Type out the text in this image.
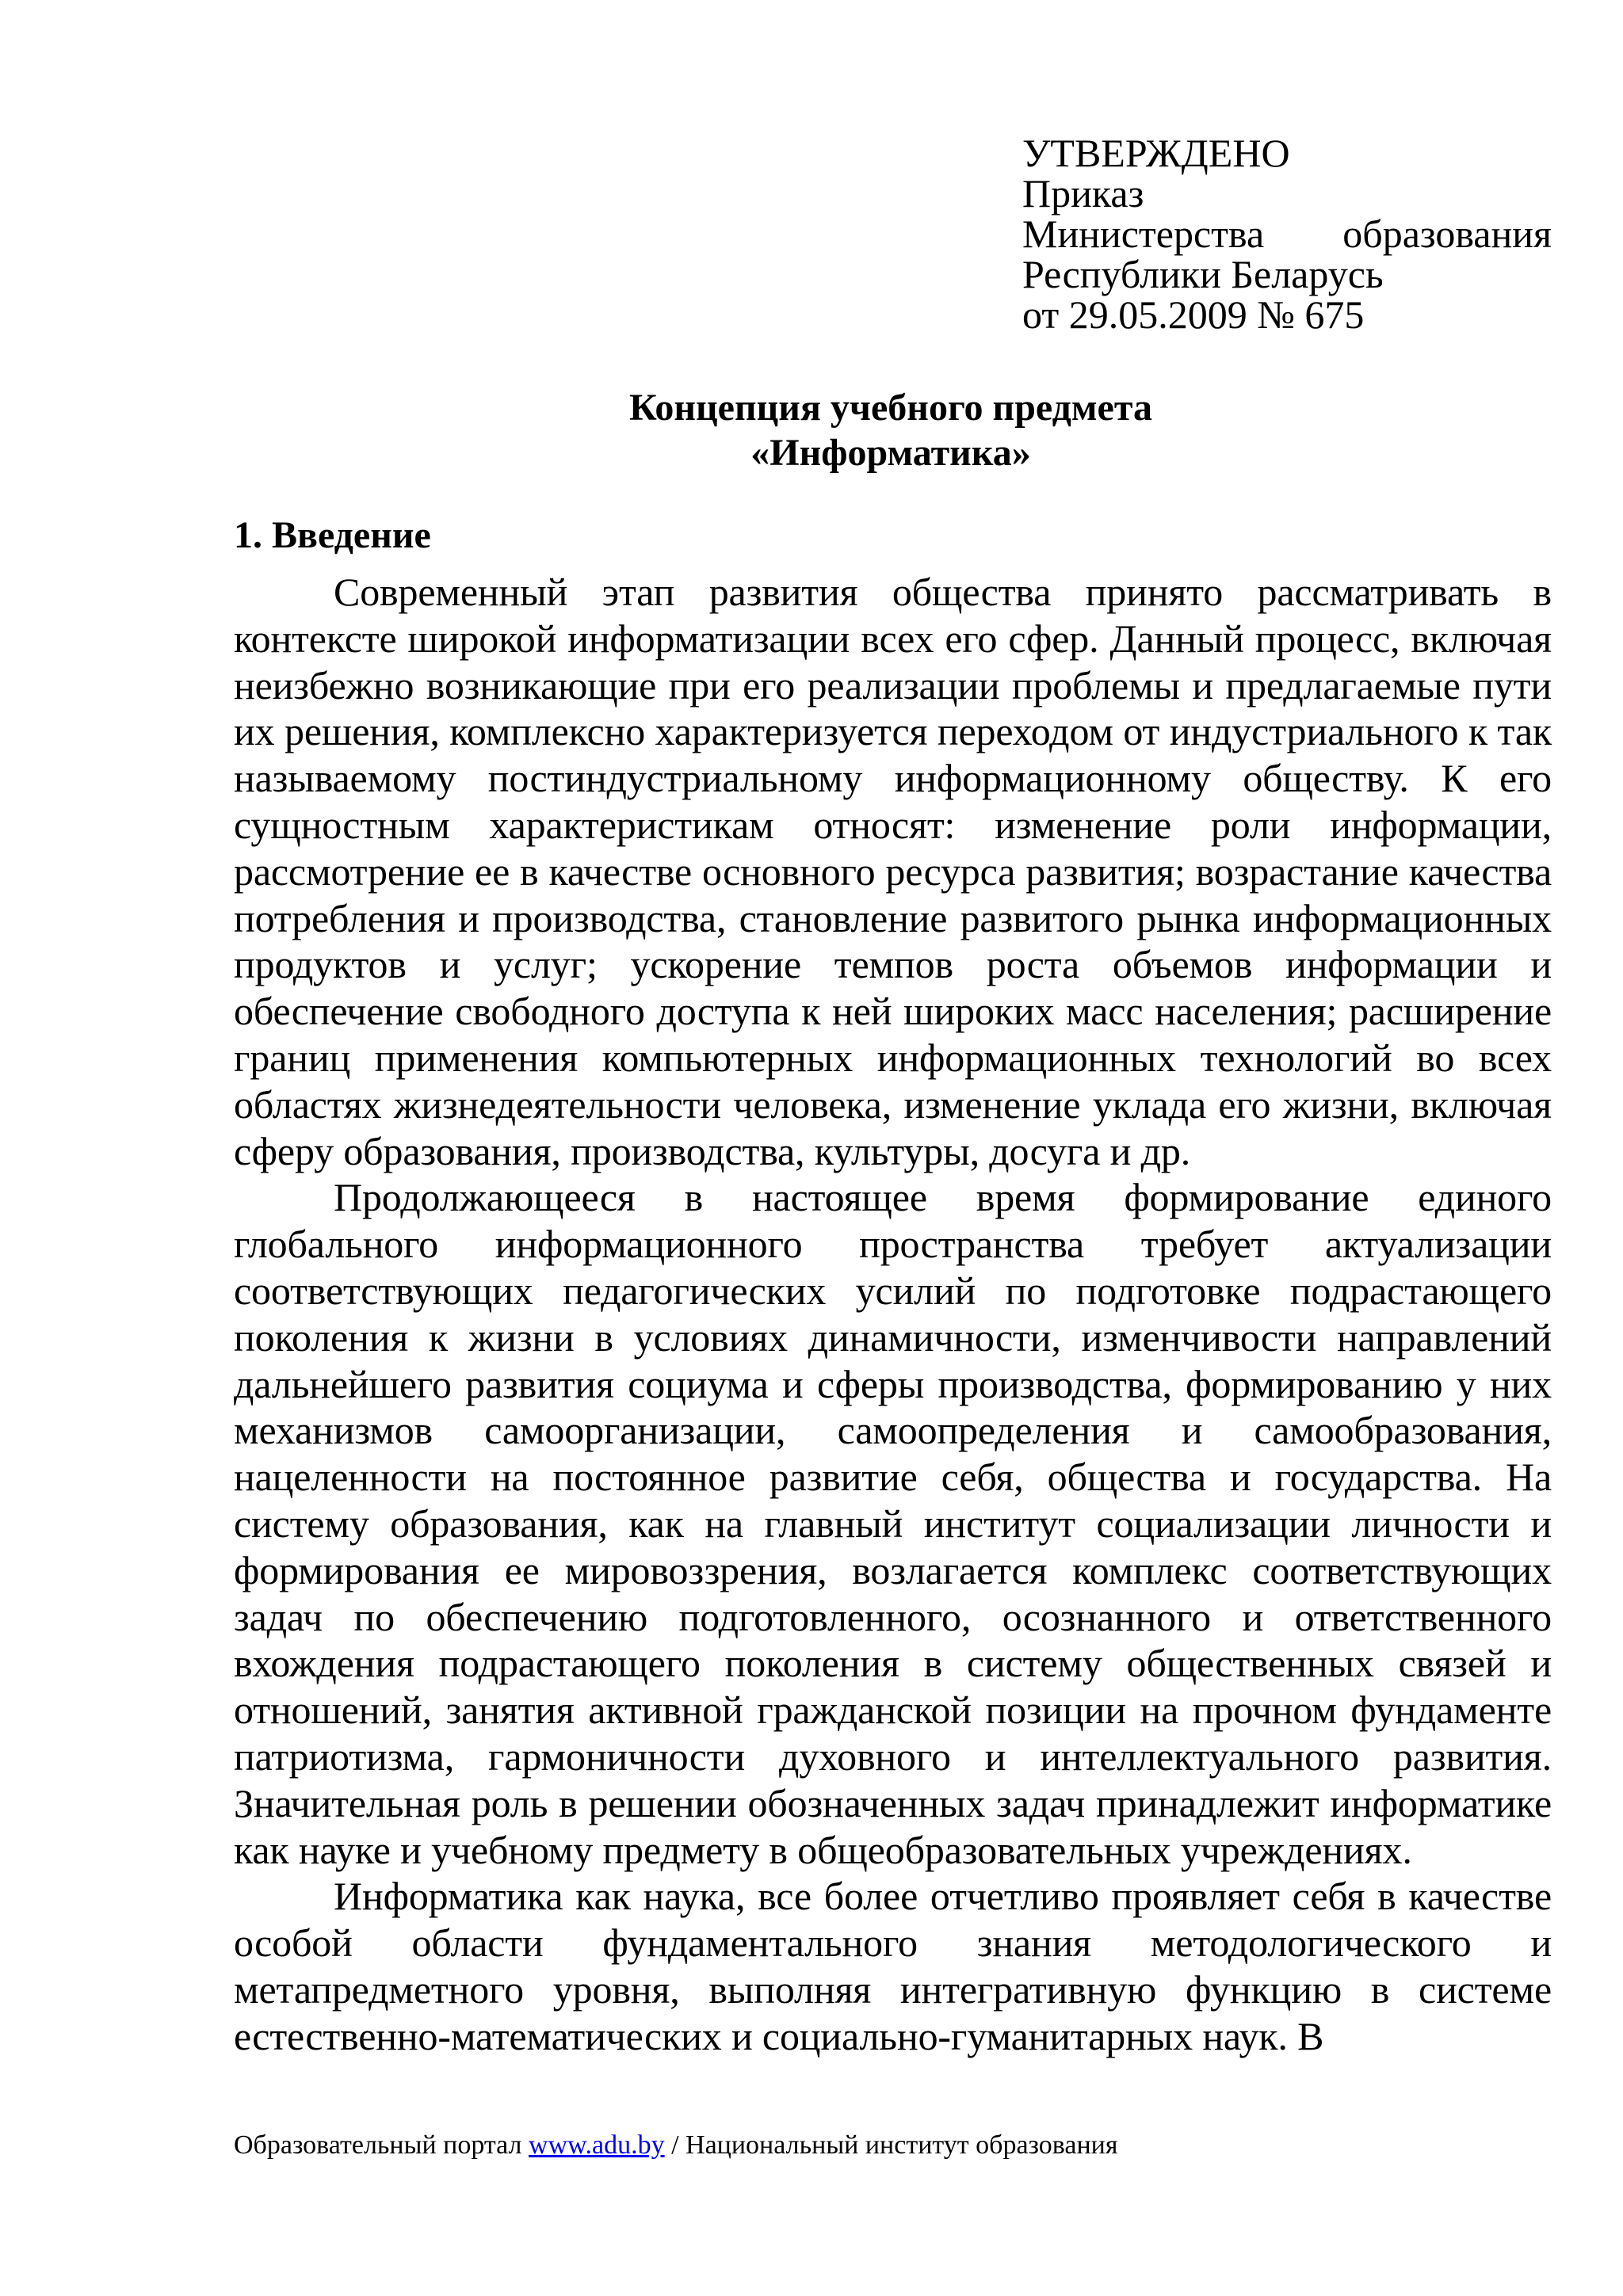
УТВЕРЖДЕНО
Приказ
Министерства образования
Республики Беларусь
от 29.05.2009 № 675
Концепция учебного предмета
«Информатика»
1. Введение

Современный этап развития общества принято рассматривать в контексте широкой информатизации всех его сфер. Данный процесс, включая неизбежно возникающие при его реализации проблемы и предлагаемые пути их решения, комплексно характеризуется переходом от индустриального к так называемому постиндустриальному информационному обществу. К его сущностным характеристикам относят: изменение роли информации, рассмотрение ее в качестве основного ресурса развития; возрастание качества потребления и производства, становление развитого рынка информационных продуктов и услуг; ускорение темпов роста объемов информации и обеспечение свободного доступа к ней широких масс населения; расширение границ применения компьютерных информационных технологий во всех областях жизнедеятельности человека, изменение уклада его жизни, включая сферу образования, производства, культуры, досуга и др.

Продолжающееся в настоящее время формирование единого глобального информационного пространства требует актуализации соответствующих педагогических усилий по подготовке подрастающего поколения к жизни в условиях динамичности, изменчивости направлений дальнейшего развития социума и сферы производства, формированию у них механизмов самоорганизации, самоопределения и самообразования, нацеленности на постоянное развитие себя, общества и государства. На систему образования, как на главный институт социализации личности и формирования ее мировоззрения, возлагается комплекс соответствующих задач по обеспечению подготовленного, осознанного и ответственного вхождения подрастающего поколения в систему общественных связей и отношений, занятия активной гражданской позиции на прочном фундаменте патриотизма, гармоничности духовного и интеллектуального развития. Значительная роль в решении обозначенных задач принадлежит информатике как науке и учебному предмету в общеобразовательных учреждениях.

Информатика как наука, все более отчетливо проявляет себя в качестве особой области фундаментального знания методологического и метапредметного уровня, выполняя интегративную функцию в системе естественно-математических и социально-гуманитарных наук. В

Образовательный портал www.adu.by / Национальный институт образования
